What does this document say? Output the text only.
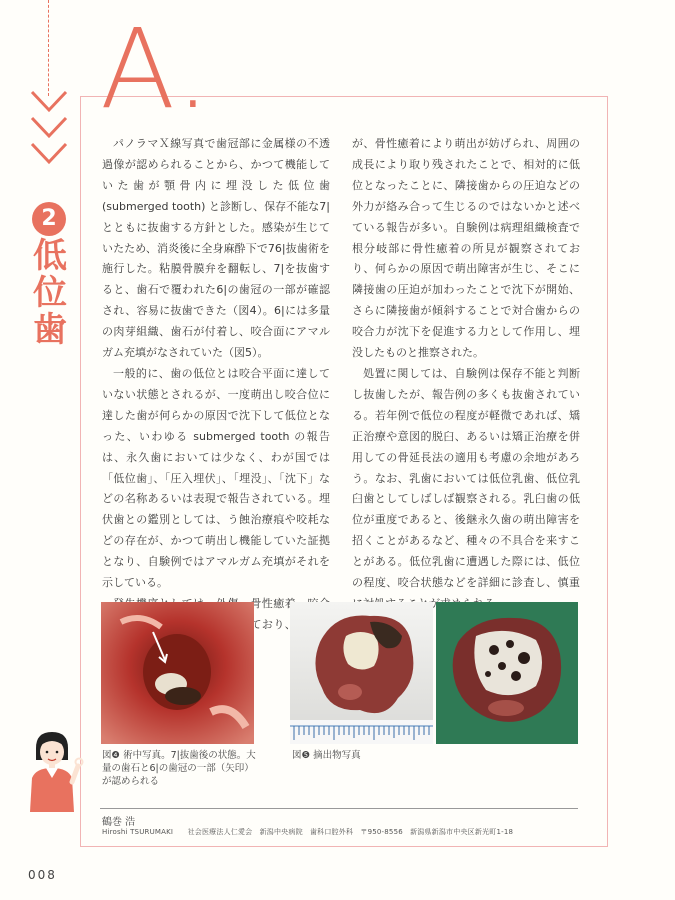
A.
2
低
位
歯

パノラマＸ線写真で歯冠部に金属様の不透過像が認められることから、かつて機能していた歯が顎骨内に埋没した低位歯 (submerged tooth) と診断し、保存不能な7|とともに抜歯する方針とした。感染が生じていたため、消炎後に全身麻酔下で76|抜歯術を施行した。粘膜骨膜弁を翻転し、7|を抜歯すると、歯石で覆われた6|の歯冠の一部が確認され、容易に抜歯できた（図4）。6|には多量の肉芽組織、歯石が付着し、咬合面にアマルガム充填がなされていた（図5）。

一般的に、歯の低位とは咬合平面に達していない状態とされるが、一度萌出し咬合位に達した歯が何らかの原因で沈下して低位となった、いわゆる submerged tooth の報告は、永久歯においては少なく、わが国では「低位歯」、「圧入埋伏」、「埋没」、「沈下」などの名称あるいは表現で報告されている。埋伏歯との鑑別としては、う蝕治療痕や咬耗などの存在が、かつて萌出し機能していた証拠となり、自験例ではアマルガム充填がそれを示している。

が、骨性癒着により萌出が妨げられ、周囲の成長により取り残されたことで、相対的に低位となったことに、隣接歯からの圧迫などの外力が絡み合って生じるのではないかと述べている報告が多い。自験例は病理組織検査で根分岐部に骨性癒着の所見が観察されており、何らかの原因で萌出障害が生じ、そこに隣接歯の圧迫が加わったことで沈下が開始、さらに隣接歯が傾斜することで対合歯からの咬合力が沈下を促進する力として作用し、埋没したものと推察された。

処置に関しては、自験例は保存不能と判断し抜歯したが、報告例の多くも抜歯されている。若年例で低位の程度が軽微であれば、矯正治療や意図的脱臼、あるいは矯正治療を併用しての骨延長法の適用も考慮の余地があろう。なお、乳歯においては低位乳歯、低位乳臼歯としてしばしば観察される。乳臼歯の低位が重度であると、後継永久歯の萌出障害を招くことがあるなど、種々の不具合を来すことがある。低位乳歯に遭遇した際には、低位の程度、咬合状態などを詳細に診査し、慎重 が

図❹ 術中写真。7|抜歯後の状態。大量の歯石と6|の歯冠の一部（矢印）が認められる
図❺ 摘出物写真
鶴巻 浩
Hiroshi TSURUMAKI　　社会医療法人仁愛会　新潟中央病院　歯科口腔外科　〒950-8556　新潟県新潟市中央区新光町1-18
008
